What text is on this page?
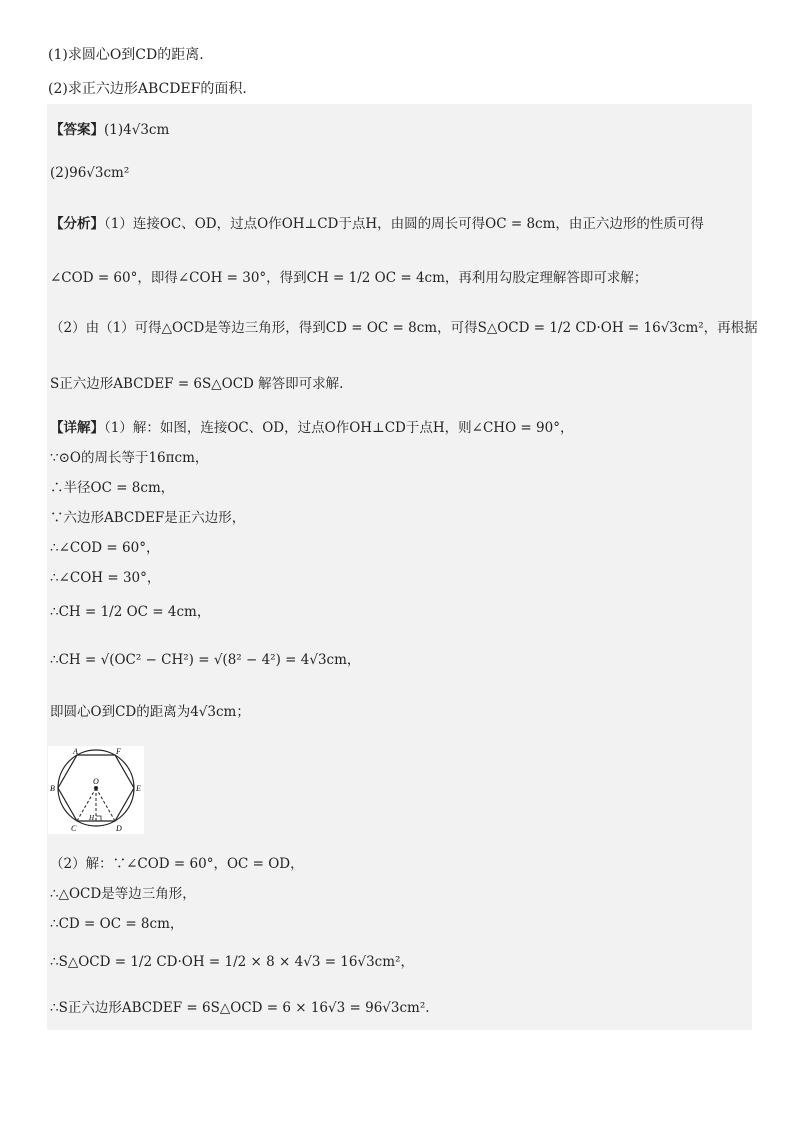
(1)求圆心O到CD的距离.
(2)求正六边形ABCDEF的面积.
【答案】(1)4√3cm
(2)96√3cm²
【分析】（1）连接OC、OD，过点O作OH⊥CD于点H，由圆的周长可得OC = 8cm，由正六边形的性质可得
∠COD = 60°，即得∠COH = 30°，得到CH = 1/2 OC = 4cm，再利用勾股定理解答即可求解；
（2）由（1）可得△OCD是等边三角形，得到CD = OC = 8cm，可得S△OCD = 1/2 CD·OH = 16√3cm²，再根据
S正六边形ABCDEF = 6S△OCD 解答即可求解.
【详解】（1）解：如图，连接OC、OD，过点O作OH⊥CD于点H，则∠CHO = 90°，
∵⊙O的周长等于16πcm，
∴半径OC = 8cm，
∵六边形ABCDEF是正六边形，
∴∠COD = 60°，
∴∠COH = 30°，
∴CH = 1/2 OC = 4cm，
∴CH = √(OC² − CH²) = √(8² − 4²) = 4√3cm，
即圆心O到CD的距离为4√3cm；
A	F
B	E
C	D
O
H
（2）解：∵∠COD = 60°，OC = OD，
∴△OCD是等边三角形，
∴CD = OC = 8cm，
∴S△OCD = 1/2 CD·OH = 1/2 × 8 × 4√3 = 16√3cm²，
∴S正六边形ABCDEF = 6S△OCD = 6 × 16√3 = 96√3cm².
